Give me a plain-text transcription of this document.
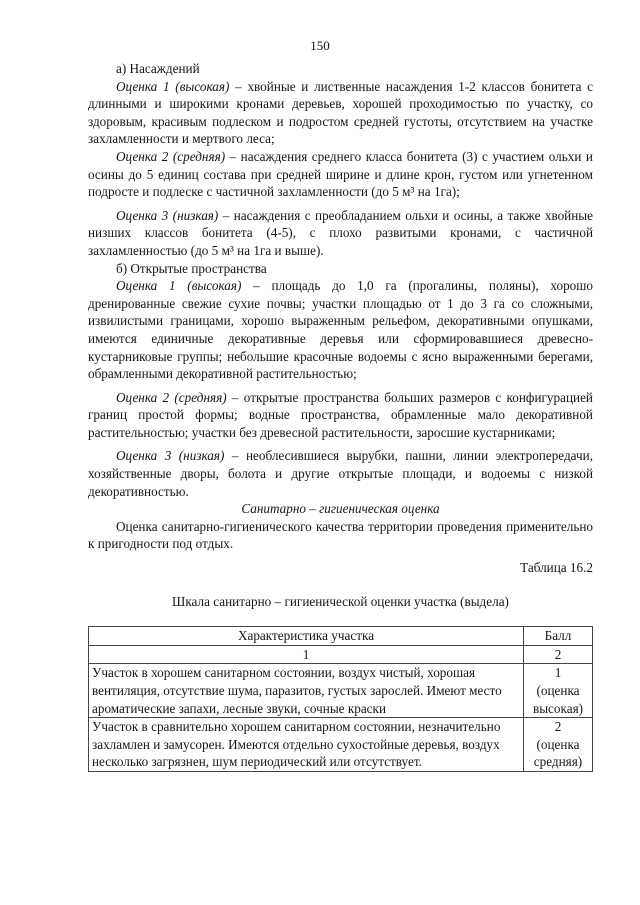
150

а) Насаждений

Оценка 1 (высокая) – хвойные и лиственные насаждения 1-2 классов бонитета с длинными и широкими кронами деревьев, хорошей проходимостью по участку, со здоровым, красивым подлеском и подростом средней густоты, отсутствием на участке захламленности и мертвого леса;

Оценка 2 (средняя) – насаждения среднего класса бонитета (3) с участием ольхи и осины до 5 единиц состава при средней ширине и длине крон, густом или угнетенном подросте и подлеске с частичной захламленности (до 5 м³ на 1га);

Оценка 3 (низкая) – насаждения с преобладанием ольхи и осины, а также хвойные низших классов бонитета (4-5), с плохо развитыми кронами, с частичной захламленностью (до 5 м³ на 1га и выше).

б) Открытые пространства

Оценка 1 (высокая) – площадь до 1,0 га (прогалины, поляны), хорошо дренированные свежие сухие почвы; участки площадью от 1 до 3 га со сложными, извилистыми границами, хорошо выраженным рельефом, декоративными опушками, имеются единичные декоративные деревья или сформировавшиеся древесно-кустарниковые группы; небольшие красочные водоемы с ясно выраженными берегами, обрамленными декоративной растительностью;

Оценка 2 (средняя) – открытые пространства больших размеров с конфигурацией границ простой формы; водные пространства, обрамленные мало декоративной растительностью; участки без древесной растительности, заросшие кустарниками;

Оценка 3 (низкая) – необлесившиеся вырубки, пашни, линии электропередачи, хозяйственные дворы, болота и другие открытые площади, и водоемы с низкой декоративностью.

Санитарно – гигиеническая оценка

Оценка санитарно-гигиенического качества территории проведения применительно к пригодности под отдых.

Таблица 16.2

Шкала санитарно – гигиенической оценки участка (выдела)

Характеристика участка	Балл
1	2
Участок в хорошем санитарном состоянии, воздух чистый, хорошая вентиляция, отсутствие шума, паразитов, густых зарослей. Имеют место ароматические запахи, лесные звуки, сочные краски	1
(оценка высокая)

Участок в сравнительно хорошем санитарном состоянии, незначительно захламлен и замусорен. Имеются отдельно сухостойные деревья, воздух несколько загрязнен, шум периодический или отсутствует.	2
(оценка средняя)
